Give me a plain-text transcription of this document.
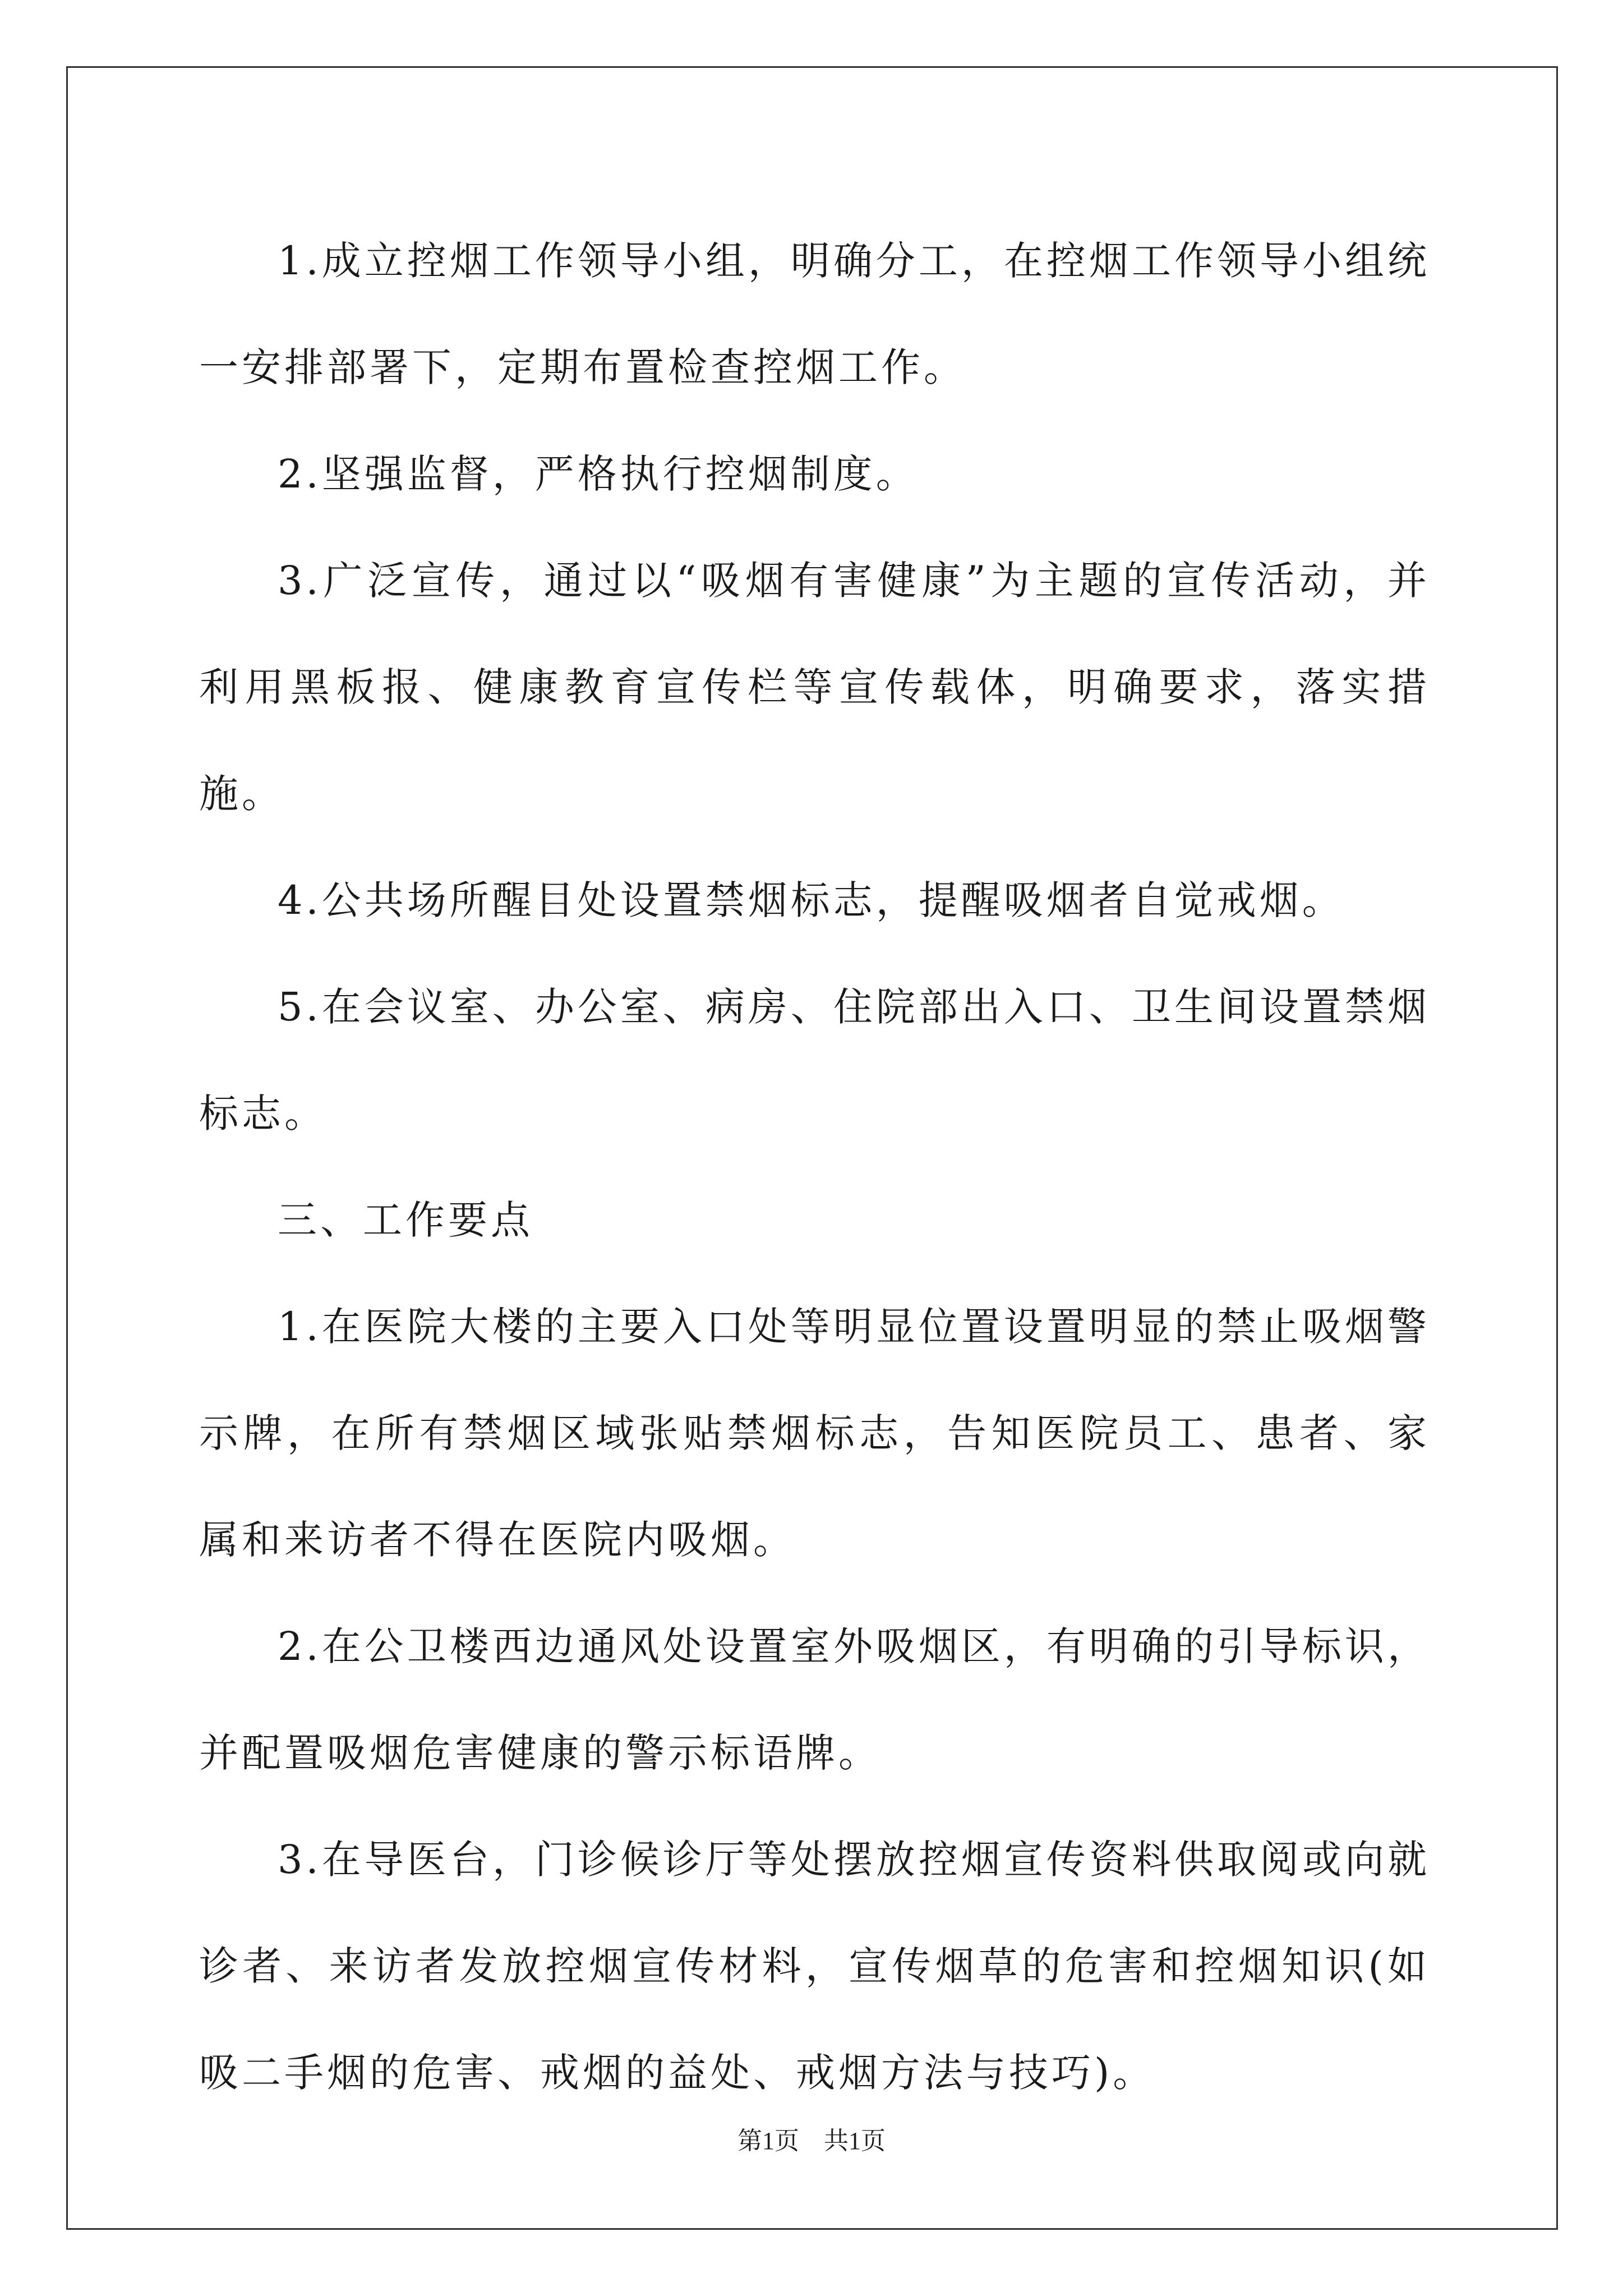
1.成立控烟工作领导小组，明确分工，在控烟工作领导小组统一安排部署下，定期布置检查控烟工作。

2.坚强监督，严格执行控烟制度。

3.广泛宣传，通过以“吸烟有害健康”为主题的宣传活动，并利用黑板报、健康教育宣传栏等宣传载体，明确要求，落实措施。

4.公共场所醒目处设置禁烟标志，提醒吸烟者自觉戒烟。

5.在会议室、办公室、病房、住院部出入口、卫生间设置禁烟标志。

三、工作要点

1.在医院大楼的主要入口处等明显位置设置明显的禁止吸烟警示牌，在所有禁烟区域张贴禁烟标志，告知医院员工、患者、家属和来访者不得在医院内吸烟。

2.在公卫楼西边通风处设置室外吸烟区，有明确的引导标识，并配置吸烟危害健康的警示标语牌。

3.在导医台，门诊候诊厅等处摆放控烟宣传资料供取阅或向就诊者、来访者发放控烟宣传材料，宣传烟草的危害和控烟知识(如吸二手烟的危害、戒烟的益处、戒烟方法与技巧)。

第1页　共1页
